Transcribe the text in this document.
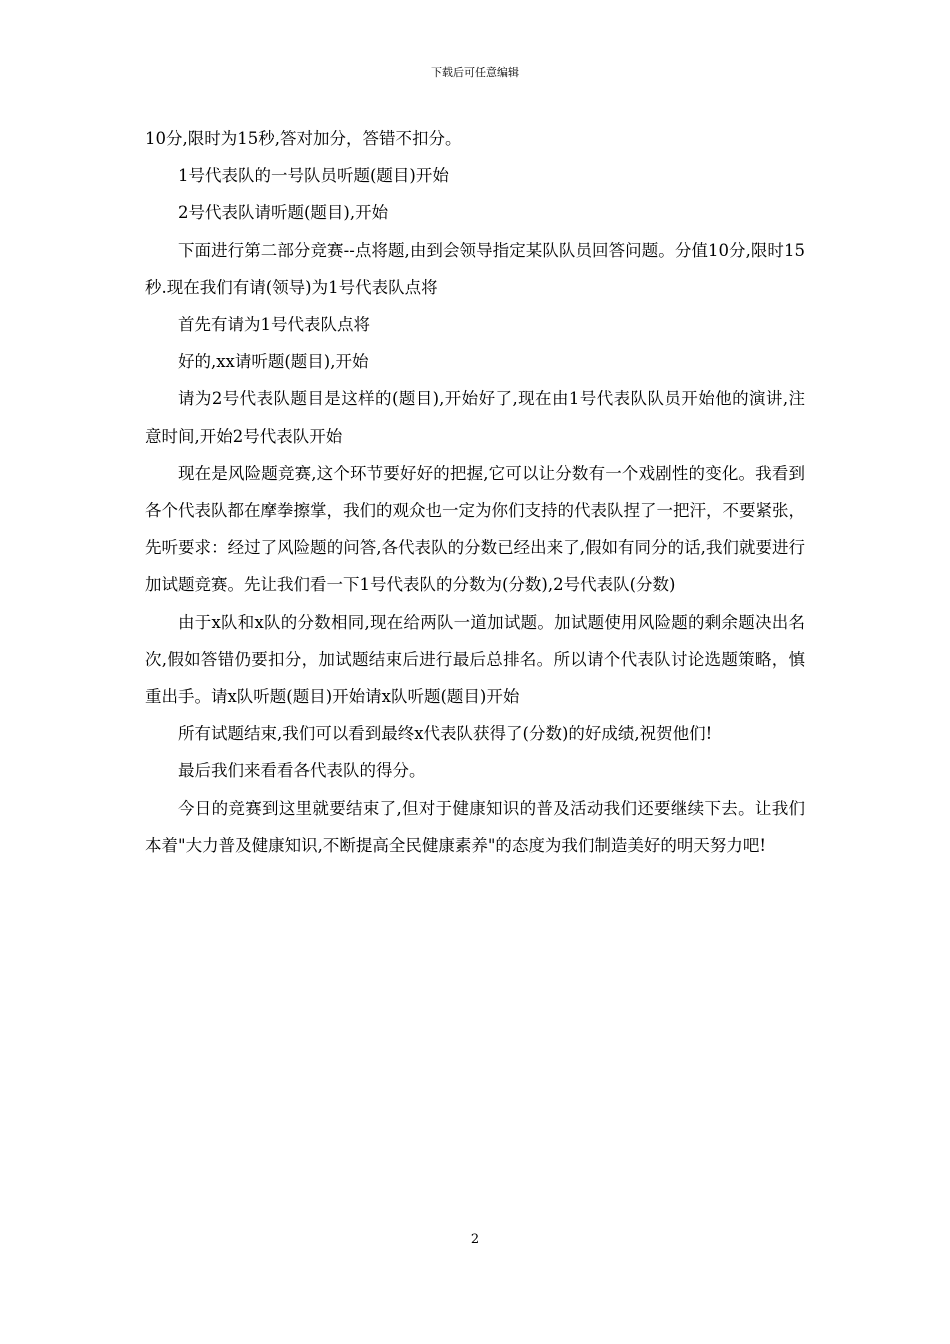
下载后可任意编辑

10分,限时为15秒,答对加分，答错不扣分。

1号代表队的一号队员听题(题目)开始

2号代表队请听题(题目),开始

下面进行第二部分竞赛--点将题,由到会领导指定某队队员回答问题。分值10分,限时15秒.现在我们有请(领导)为1号代表队点将

首先有请为1号代表队点将

好的,xx请听题(题目),开始

请为2号代表队题目是这样的(题目),开始好了,现在由1号代表队队员开始他的演讲,注意时间,开始2号代表队开始

现在是风险题竞赛,这个环节要好好的把握,它可以让分数有一个戏剧性的变化。我看到各个代表队都在摩拳擦掌，我们的观众也一定为你们支持的代表队捏了一把汗，不要紧张，先听要求：经过了风险题的问答,各代表队的分数已经出来了,假如有同分的话,我们就要进行加试题竞赛。先让我们看一下1号代表队的分数为(分数),2号代表队(分数)

由于x队和x队的分数相同,现在给两队一道加试题。加试题使用风险题的剩余题决出名次,假如答错仍要扣分，加试题结束后进行最后总排名。所以请个代表队讨论选题策略，慎重出手。请x队听题(题目)开始请x队听题(题目)开始

所有试题结束,我们可以看到最终x代表队获得了(分数)的好成绩,祝贺他们!

最后我们来看看各代表队的得分。

今日的竞赛到这里就要结束了,但对于健康知识的普及活动我们还要继续下去。让我们本着"大力普及健康知识,不断提高全民健康素养"的态度为我们制造美好的明天努力吧!

2
